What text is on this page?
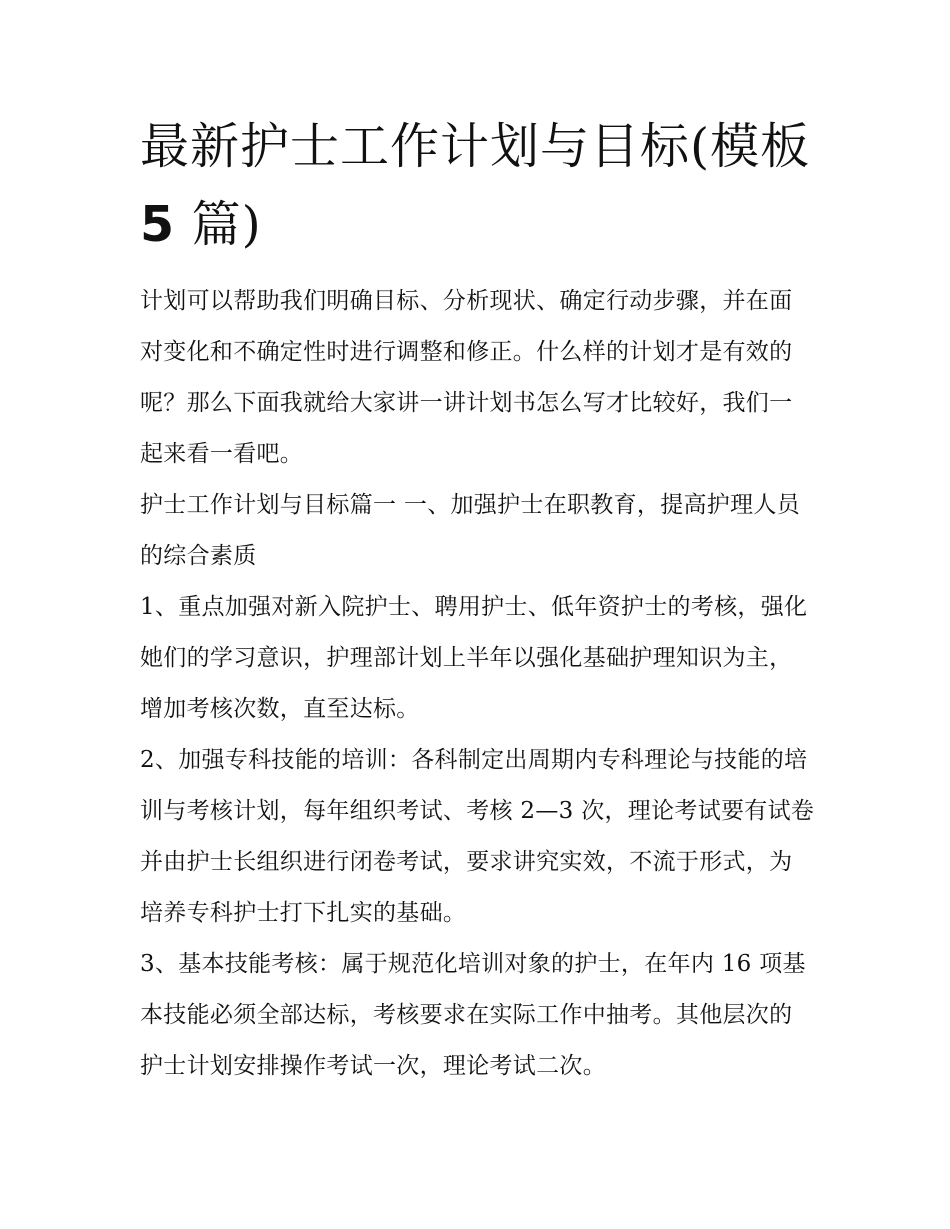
最新护士工作计划与目标(模板
5 篇)

计划可以帮助我们明确目标、分析现状、确定行动步骤，并在面对变化和不确定性时进行调整和修正。什么样的计划才是有效的呢？那么下面我就给大家讲一讲计划书怎么写才比较好，我们一起来看一看吧。

护士工作计划与目标篇一 一、加强护士在职教育，提高护理人员的综合素质

1、重点加强对新入院护士、聘用护士、低年资护士的考核，强化她们的学习意识，护理部计划上半年以强化基础护理知识为主，增加考核次数，直至达标。

2、加强专科技能的培训：各科制定出周期内专科理论与技能的培训与考核计划，每年组织考试、考核 2—3 次，理论考试要有试卷并由护士长组织进行闭卷考试，要求讲究实效，不流于形式，为培养专科护士打下扎实的基础。

3、基本技能考核：属于规范化培训对象的护士，在年内 16 项基本技能必须全部达标，考核要求在实际工作中抽考。其他层次的护士计划安排操作考试一次，理论考试二次。
